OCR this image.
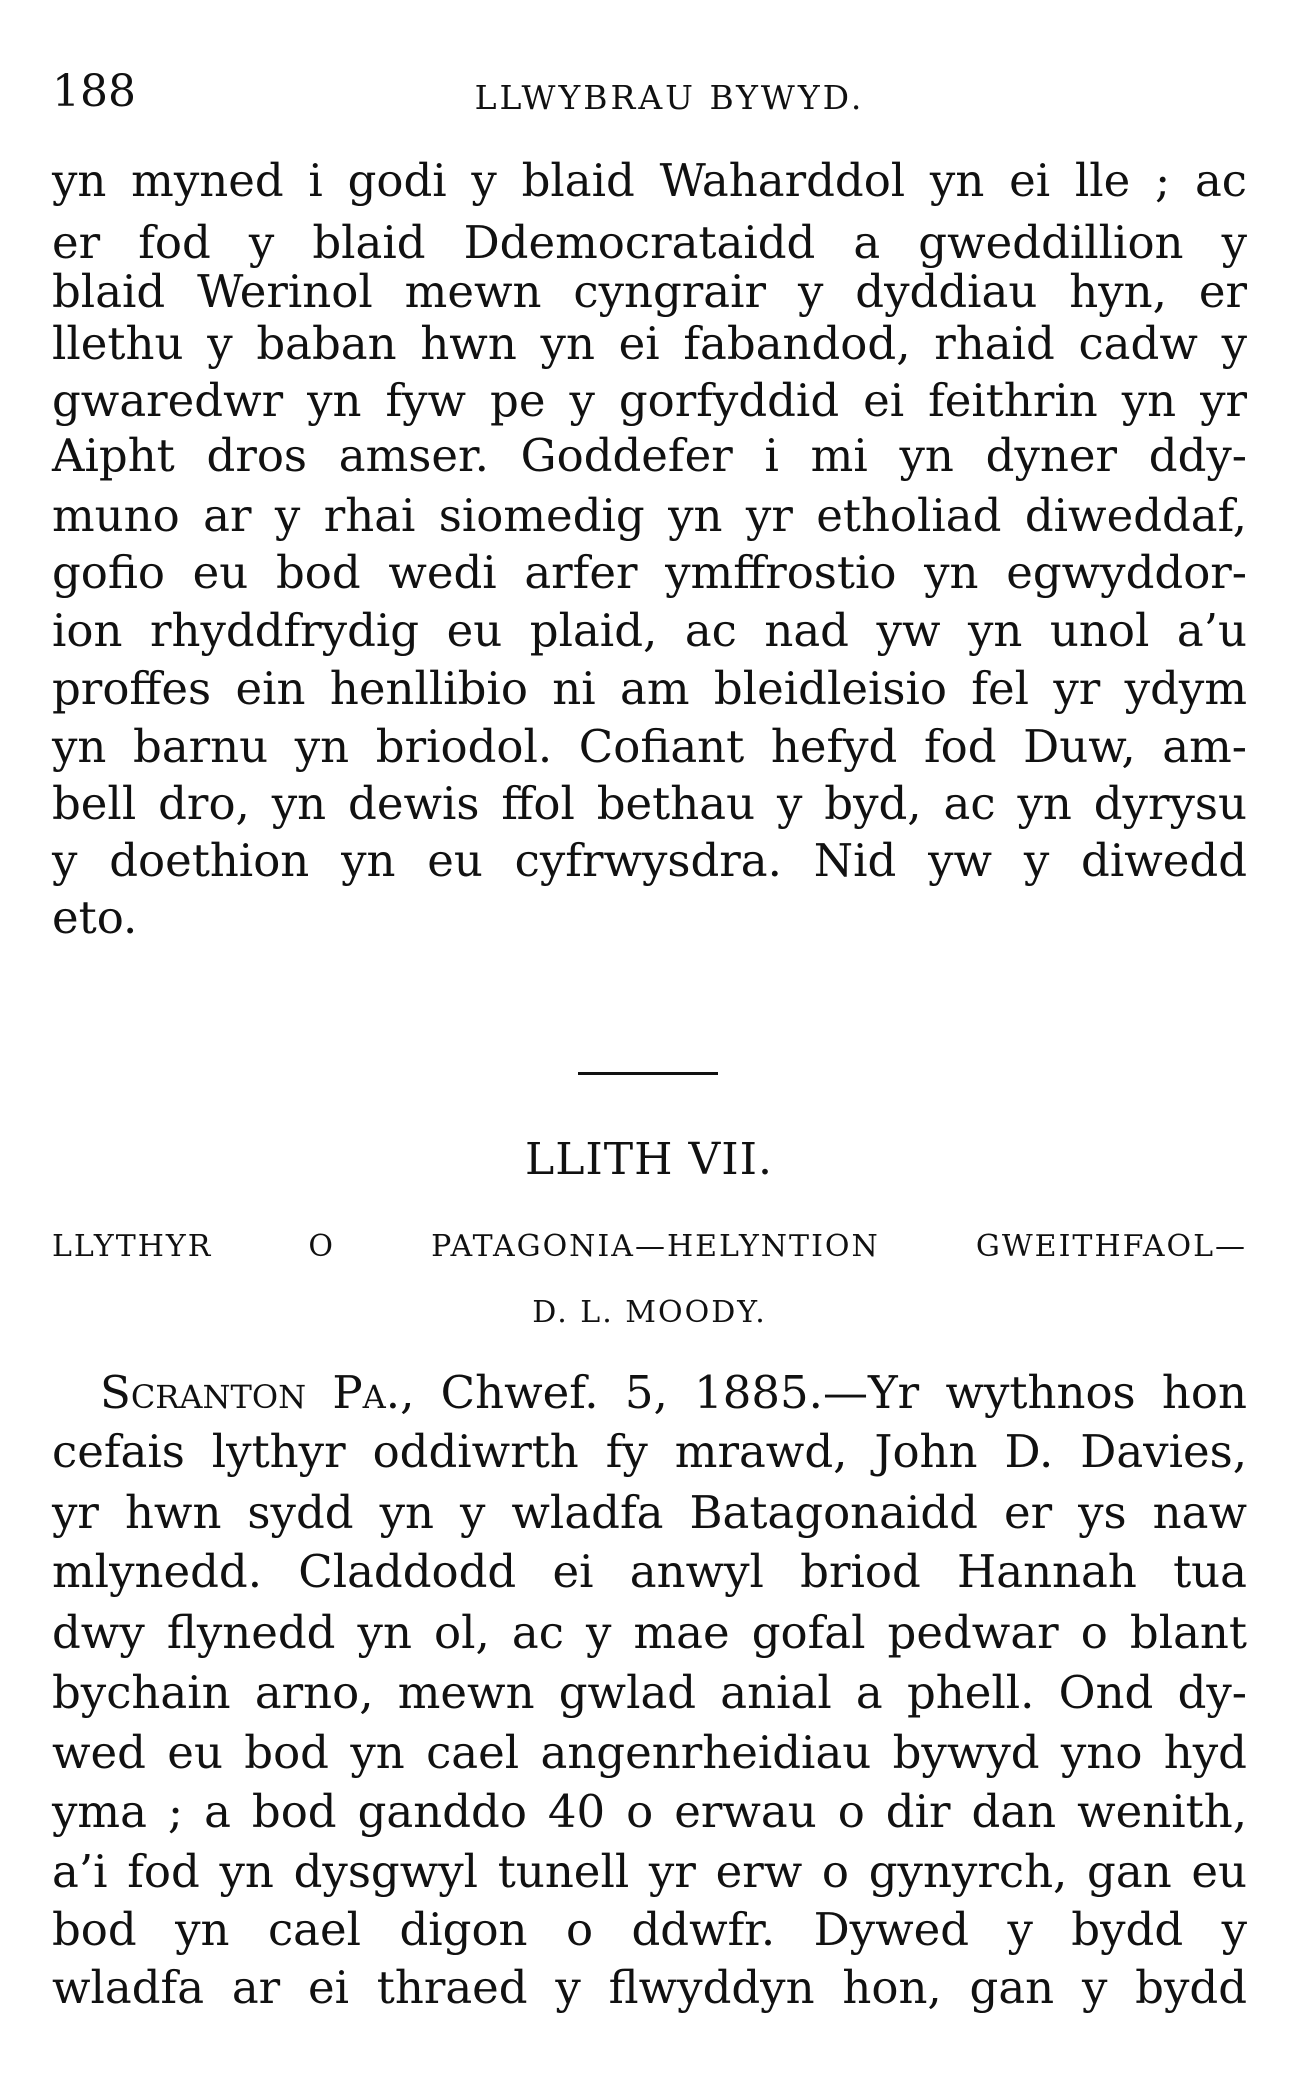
188	LLWYBRAU BYWYD.
yn myned i godi y blaid Waharddol yn ei lle ; ac
er fod y blaid Ddemocrataidd a gweddillion y
blaid Werinol mewn cyngrair y dyddiau hyn, er
llethu y baban hwn yn ei fabandod, rhaid cadw y
gwaredwr yn fyw pe y gorfyddid ei feithrin yn yr
Aipht dros amser. Goddefer i mi yn dyner ddy-
muno ar y rhai siomedig yn yr etholiad diweddaf,
gofio eu bod wedi arfer ymffrostio yn egwyddor-
ion rhyddfrydig eu plaid, ac nad yw yn unol a’u
proffes ein henllibio ni am bleidleisio fel yr ydym
yn barnu yn briodol. Cofiant hefyd fod Duw, am-
bell dro, yn dewis ffol bethau y byd, ac yn dyrysu
y doethion yn eu cyfrwysdra. Nid yw y diwedd
eto.
LLITH VII.
LLYTHYR O PATAGONIA—HELYNTION GWEITHFAOL—
D. L. MOODY.
Scranton Pa., Chwef. 5, 1885.—Yr wythnos hon
cefais lythyr oddiwrth fy mrawd, John D. Davies,
yr hwn sydd yn y wladfa Batagonaidd er ys naw
mlynedd. Claddodd ei anwyl briod Hannah tua
dwy flynedd yn ol, ac y mae gofal pedwar o blant
bychain arno, mewn gwlad anial a phell. Ond dy-
wed eu bod yn cael angenrheidiau bywyd yno hyd
yma ; a bod ganddo 40 o erwau o dir dan wenith,
a’i fod yn dysgwyl tunell yr erw o gynyrch, gan eu
bod yn cael digon o ddwfr. Dywed y bydd y
wladfa ar ei thraed y flwyddyn hon, gan y bydd
